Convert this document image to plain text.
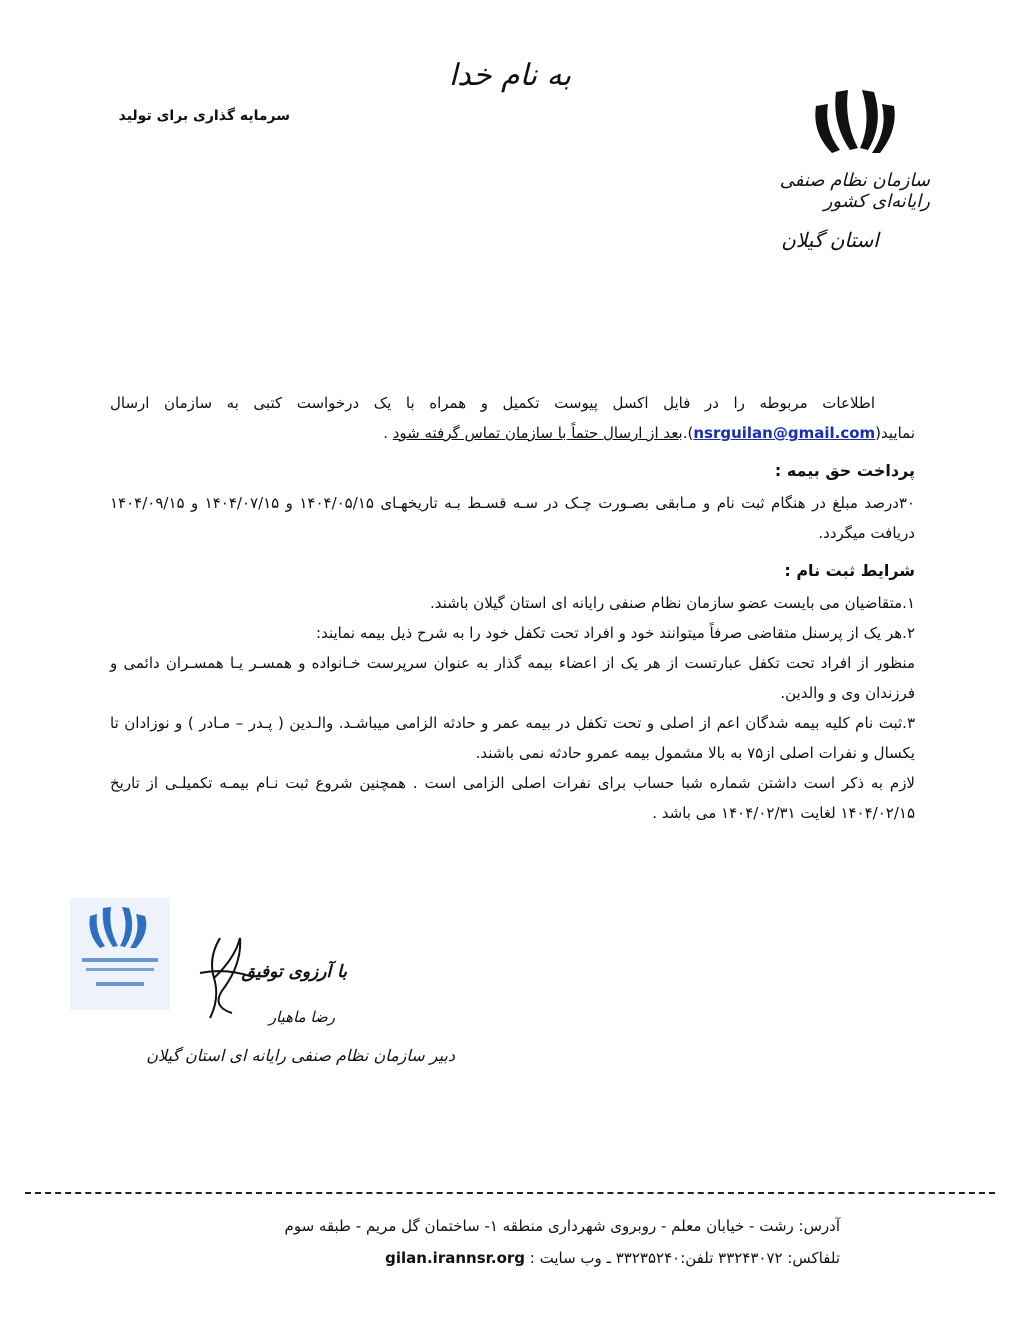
به نام خدا
سرمایه گذاری برای تولید
سازمان نظام صنفی رایانه‌ای کشور
استان گیلان

اطلاعات مربوطه را در فایل اکسل پیوست تکمیل و همراه با یک درخواست کتبی به سازمان ارسال نمایید(nsrguilan@gmail.com).بعد از ارسال حتماً با سازمان تماس گرفته شود .

پرداخت حق بیمه :

۳۰درصد مبلغ در هنگام ثبت نام و مـابقی بصـورت چـک در سـه قسـط بـه تاریخهـای ۱۴۰۴/۰۵/۱۵ و ۱۴۰۴/۰۷/۱۵ و ۱۴۰۴/۰۹/۱۵ دریافت میگردد.

شرایط ثبت نام :

۱.متقاضیان می بایست عضو سازمان نظام صنفی رایانه ای استان گیلان باشند.

۲.هر یک از پرسنل متقاضی صرفاً میتوانند خود و افراد تحت تکفل خود را به شرح ذیل بیمه نمایند:

منظور از افراد تحت تکفل عبارتست از هر یک از اعضاء بیمه گذار به عنوان سرپرست خـانواده و همسـر یـا همسـران دائمی و فرزندان وی و والدین.

۳.ثبت نام کلیه بیمه شدگان اعم از اصلی و تحت تکفل در بیمه عمر و حادثه الزامی میباشـد. والـدین ( پـدر – مـادر ) و نوزادان تا یکسال و نفرات اصلی از۷۵ به بالا مشمول بیمه عمرو حادثه نمی باشند.

لازم به ذکر است داشتن شماره شبا حساب برای نفرات اصلی الزامی است . همچنین شروع ثبت نـام بیمـه تکمیلـی از تاریخ ۱۴۰۴/۰۲/۱۵ لغایت ۱۴۰۴/۰۲/۳۱ می باشد .

با آرزوی توفیق
رضا ماهیار
دبیر سازمان نظام صنفی رایانه ای استان گیلان
آدرس: رشت - خیابان معلم - روبروی شهرداری منطقه ۱- ساختمان گل مریم - طبقه سوم
تلفاکس: ۳۳۲۴۳۰۷۲ تلفن:۳۳۲۳۵۲۴۰ ـ وب سایت : gilan.irannsr.org
